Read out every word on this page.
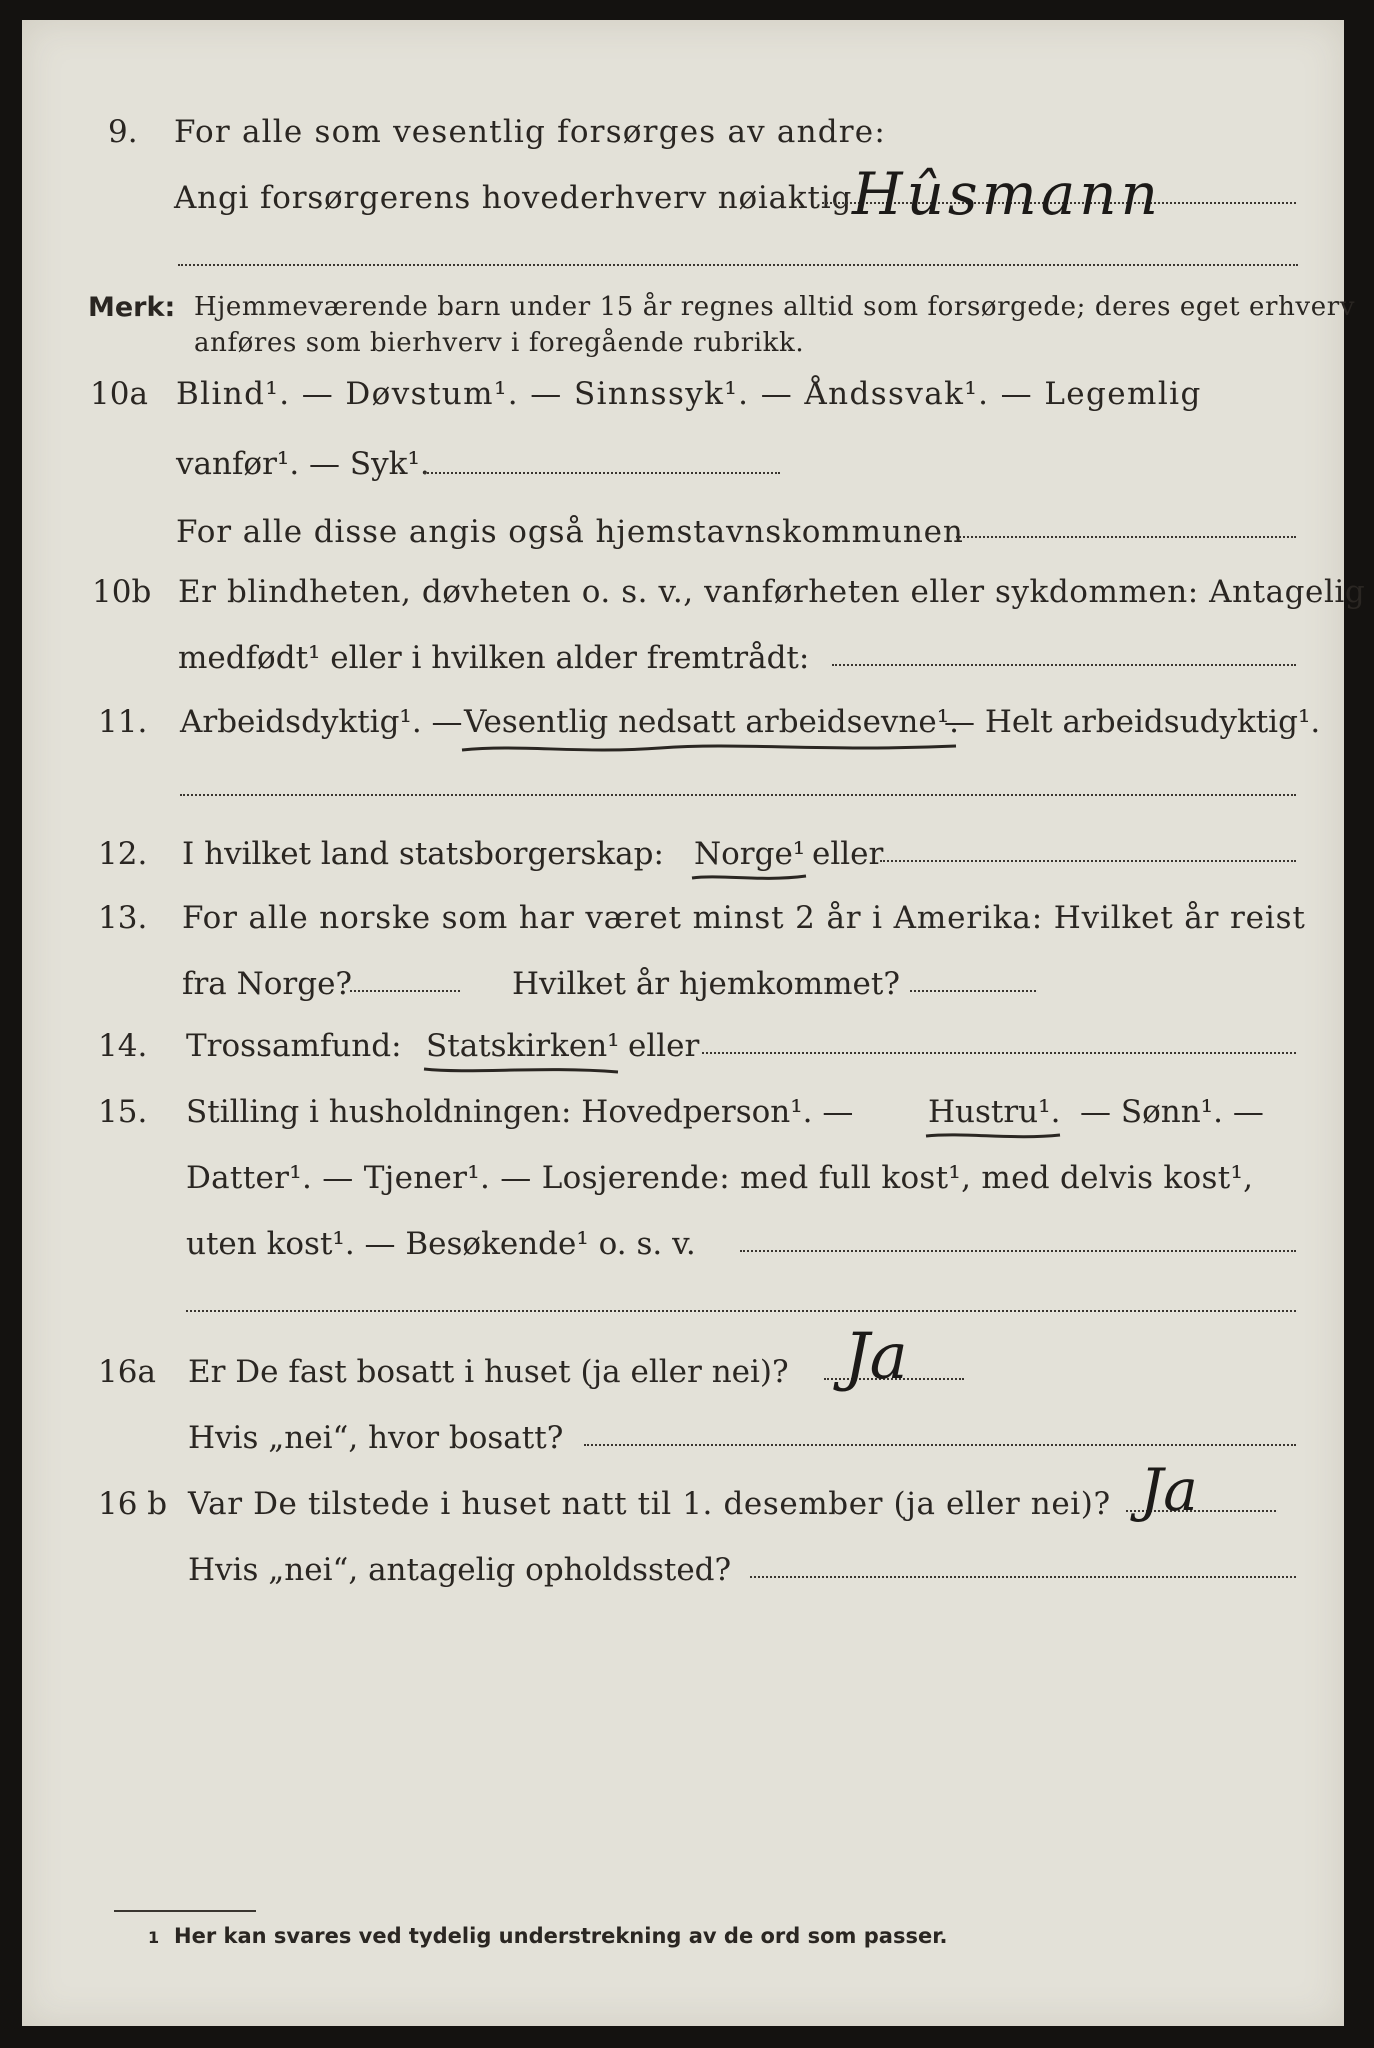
9. For alle som vesentlig forsørges av andre:
Angi forsørgerens hovederhverv nøiaktig Hûsmann
Merk: Hjemmeværende barn under 15 år regnes alltid som forsørgede; deres eget erhverv
anføres som bierhverv i foregående rubrikk.
10a Blind¹. — Døvstum¹. — Sinnssyk¹. — Åndssvak¹. — Legemlig
vanfør¹. — Syk¹.
For alle disse angis også hjemstavnskommunen
10b Er blindheten, døvheten o. s. v., vanførheten eller sykdommen: Antagelig
medfødt¹ eller i hvilken alder fremtrådt:
11. Arbeidsdyktig¹. — Vesentlig nedsatt arbeidsevne¹.
— Helt arbeidsudyktig¹.
12. I hvilket land statsborgerskap: Norge¹ eller
13. For alle norske som har været minst 2 år i Amerika: Hvilket år reist
fra Norge?	Hvilket år hjemkommet?
14. Trossamfund: Statskirken¹ eller
15. Stilling i husholdningen: Hovedperson¹. — Hustru¹. — Sønn¹. —
Datter¹. — Tjener¹. — Losjerende: med full kost¹, med delvis kost¹,
uten kost¹. — Besøkende¹ o. s. v.
16a Er De fast bosatt i huset (ja eller nei)? Ja
Hvis „nei“, hvor bosatt?
16 b Var De tilstede i huset natt til 1. desember (ja eller nei)? Ja
Hvis „nei“, antagelig opholdssted?
1 Her kan svares ved tydelig understrekning av de ord som passer.
